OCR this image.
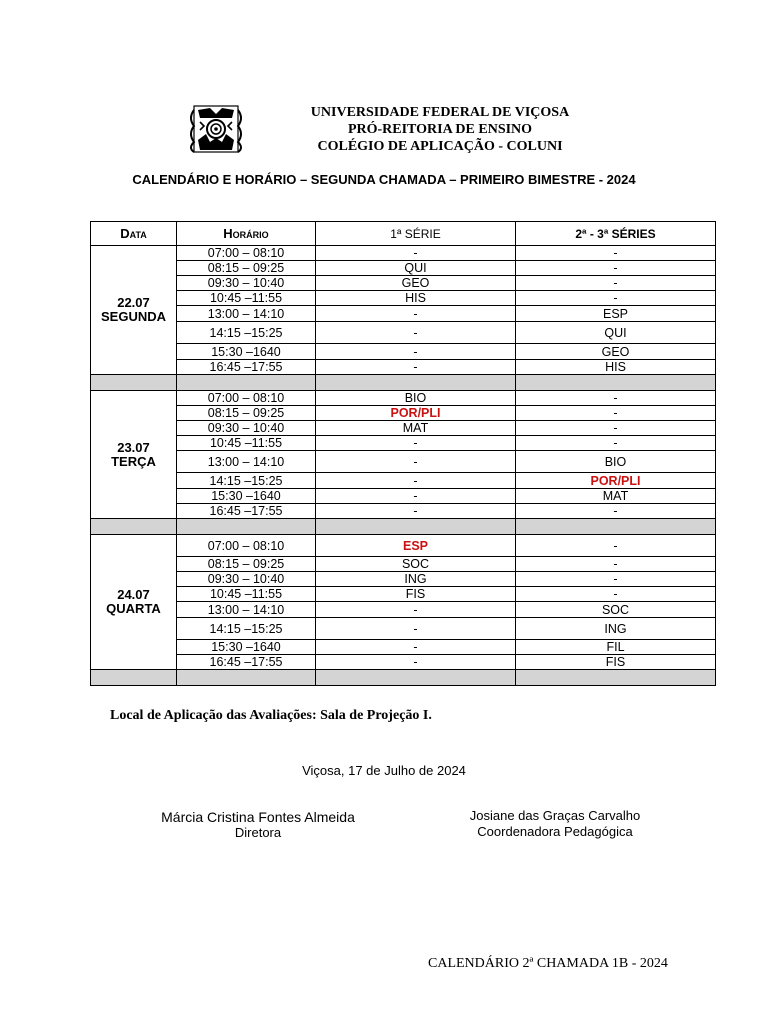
UNIVERSIDADE FEDERAL DE VIÇOSA
PRÓ-REITORIA DE ENSINO
COLÉGIO DE APLICAÇÃO - COLUNI
CALENDÁRIO E HORÁRIO – SEGUNDA CHAMADA – PRIMEIRO BIMESTRE - 2024
Data	Horário	1ª SÉRIE	2ª - 3ª SÉRIES

22.07
SEGUNDA	07:00 – 08:10	-	-
	08:15 – 09:25	QUI	-
	09:30 – 10:40	GEO	-
	10:45 –11:55	HIS	-
	13:00 – 14:10	-	ESP
	14:15 –15:25	-	QUI
	15:30 –1640	-	GEO
	16:45 –17:55	-	HIS

23.07
TERÇA	07:00 – 08:10	BIO	-
	08:15 – 09:25	POR/PLI	-
	09:30 – 10:40	MAT	-
	10:45 –11:55	-	-
	13:00 – 14:10	-	BIO
	14:15 –15:25	-	POR/PLI
	15:30 –1640	-	MAT
	16:45 –17:55	-	-

24.07
QUARTA	07:00 – 08:10	ESP	-
	08:15 – 09:25	SOC	-
	09:30 – 10:40	ING	-
	10:45 –11:55	FIS	-
	13:00 – 14:10	-	SOC
	14:15 –15:25	-	ING
	15:30 –1640	-	FIL
	16:45 –17:55	-	FIS

Local de Aplicação das Avaliações: Sala de Projeção I.
Viçosa, 17 de Julho de 2024
Márcia Cristina Fontes Almeida
Diretora
Josiane das Graças Carvalho
Coordenadora Pedagógica
CALENDÁRIO 2ª CHAMADA 1B - 2024
